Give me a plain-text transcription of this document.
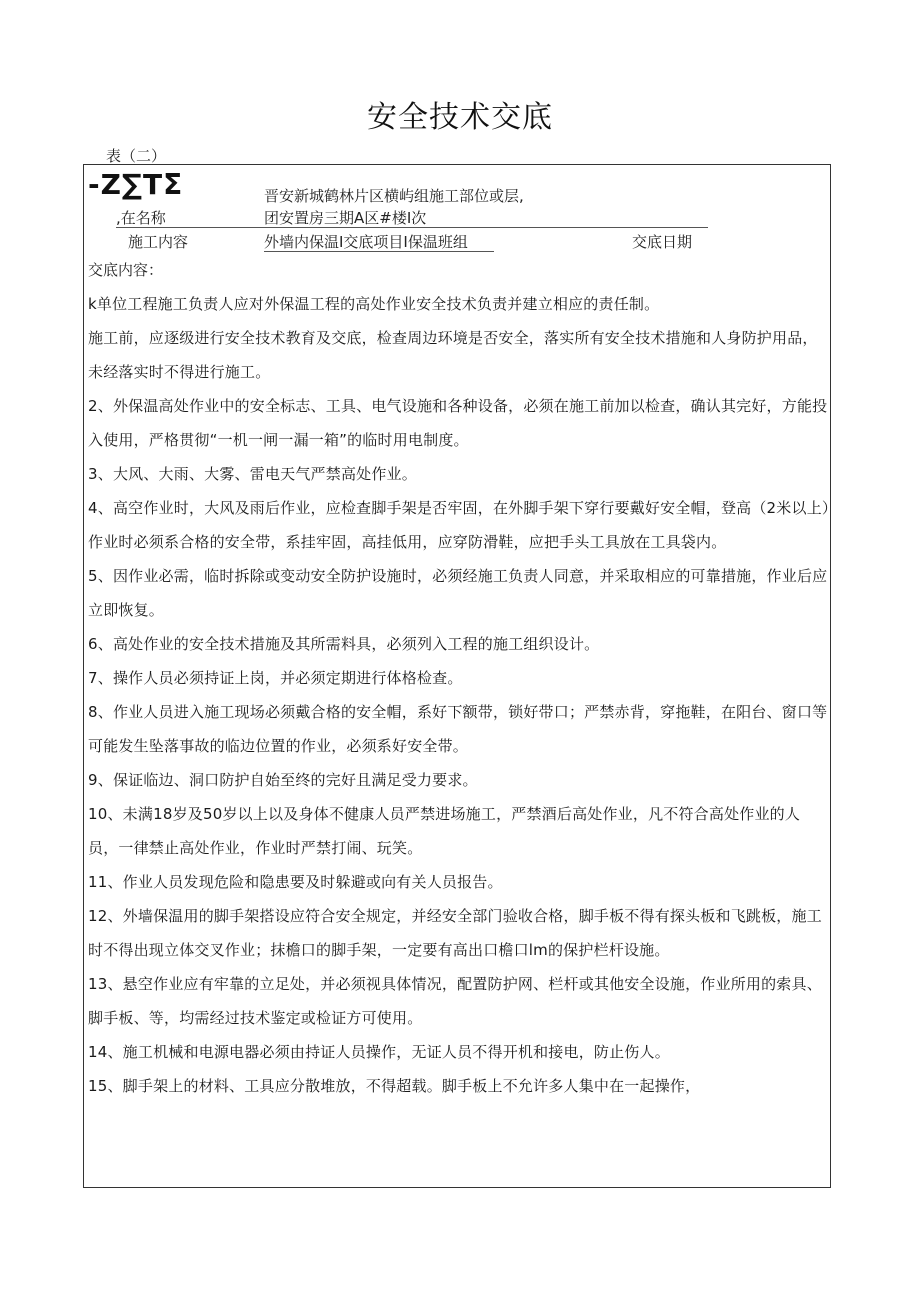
安全技术交底
表（二）
-Z∑TΣ	晋安新城鹤林片区横屿组施工部位或层,
,在名称	团安置房三期A区#楼I次
施工内容	外墙内保温I交底项目I保温班组	交底日期
交底内容：

k单位工程施工负责人应对外保温工程的高处作业安全技术负责并建立相应的责任制。

施工前，应逐级进行安全技术教育及交底，检查周边环境是否安全，落实所有安全技术措施和人身防护用品，未经落实时不得进行施工。

2、外保温高处作业中的安全标志、工具、电气设施和各种设备，必须在施工前加以检查，确认其完好，方能投入使用，严格贯彻“一机一闸一漏一箱”的临时用电制度。

3、大风、大雨、大雾、雷电天气严禁高处作业。

4、高空作业时，大风及雨后作业，应检查脚手架是否牢固，在外脚手架下穿行要戴好安全帽，登高（2米以上）作业时必须系合格的安全带，系挂牢固，高挂低用，应穿防滑鞋，应把手头工具放在工具袋内。

5、因作业必需，临时拆除或变动安全防护设施时，必须经施工负责人同意，并采取相应的可靠措施，作业后应立即恢复。

6、高处作业的安全技术措施及其所需料具，必须列入工程的施工组织设计。

7、操作人员必须持证上岗，并必须定期进行体格检查。

8、作业人员进入施工现场必须戴合格的安全帽，系好下额带，锁好带口；严禁赤背，穿拖鞋，在阳台、窗口等可能发生坠落事故的临边位置的作业，必须系好安全带。

9、保证临边、洞口防护自始至终的完好且满足受力要求。

10、未满18岁及50岁以上以及身体不健康人员严禁进场施工，严禁酒后高处作业，凡不符合高处作业的人员，一律禁止高处作业，作业时严禁打闹、玩笑。

11、作业人员发现危险和隐患要及时躲避或向有关人员报告。

12、外墙保温用的脚手架搭设应符合安全规定，并经安全部门验收合格，脚手板不得有探头板和飞跳板，施工时不得出现立体交叉作业；抹檐口的脚手架，一定要有高出口檐口lm的保护栏杆设施。

13、悬空作业应有牢靠的立足处，并必须视具体情况，配置防护网、栏杆或其他安全设施，作业所用的索具、脚手板、等，均需经过技术鉴定或检证方可使用。

14、施工机械和电源电器必须由持证人员操作，无证人员不得开机和接电，防止伤人。

15、脚手架上的材料、工具应分散堆放，不得超载。脚手板上不允许多人集中在一起操作，
